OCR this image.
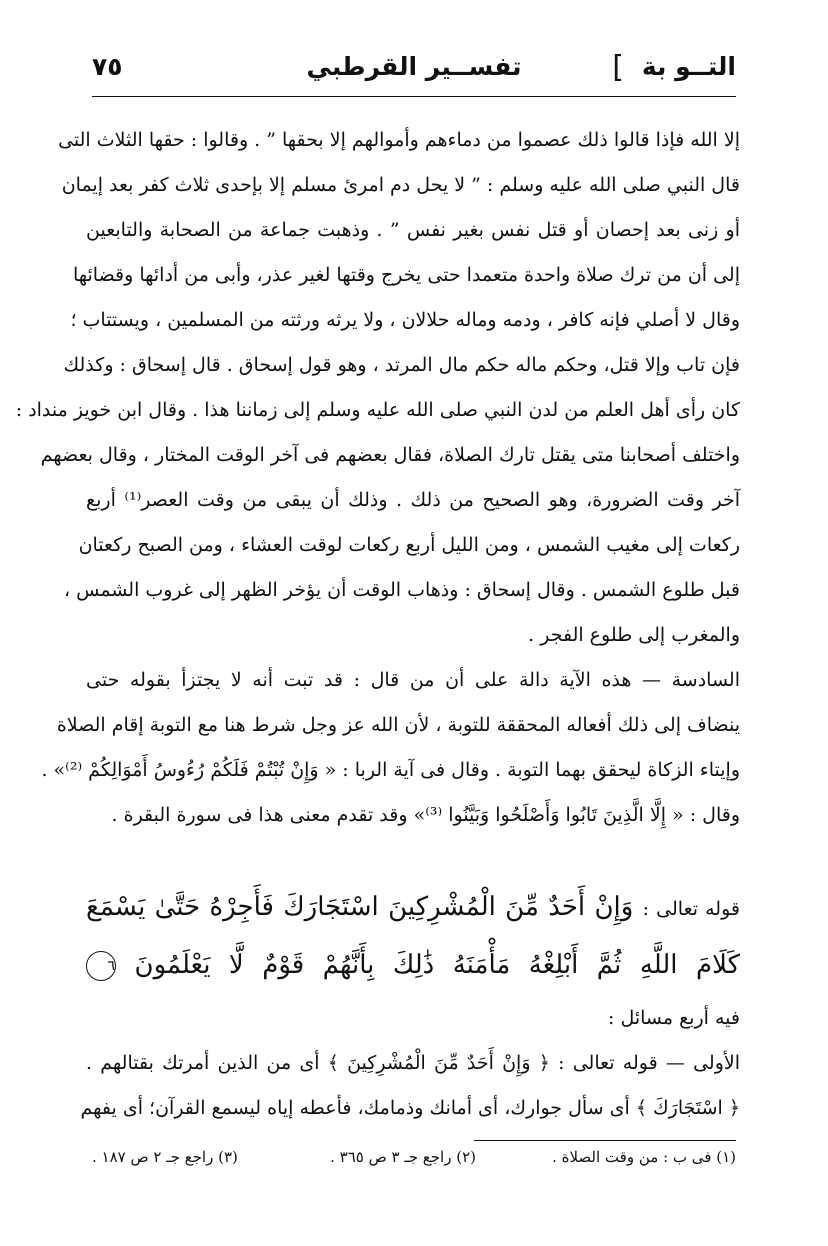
التــو بة
]
تفســير القرطبي
٧٥
إلا الله فإذا قالوا ذلك عصموا من دماءهم وأموالهم إلا بحقها ” . وقالوا : حقها الثلاث التى
قال النبي صلى الله عليه وسلم : ” لا يحل دم امرئ مسلم إلا بإحدى ثلاث كفر بعد إيمان
أو زنى بعد إحصان أو قتل نفس بغير نفس ” . وذهبت جماعة من الصحابة والتابعين
إلى أن من ترك صلاة واحدة متعمدا حتى يخرج وقتها لغير عذر، وأبى من أدائها وقضائها
وقال لا أصلي فإنه كافر ، ودمه وماله حلالان ، ولا يرثه ورثته من المسلمين ، ويستتاب ؛
فإن تاب وإلا قتل، وحكم ماله حكم مال المرتد ، وهو قول إسحاق . قال إسحاق : وكذلك
كان رأى أهل العلم من لدن النبي صلى الله عليه وسلم إلى زماننا هذا . وقال ابن خويز منداد :
واختلف أصحابنا متى يقتل تارك الصلاة، فقال بعضهم فى آخر الوقت المختار ، وقال بعضهم
آخر وقت الضرورة، وهو الصحيح من ذلك . وذلك أن يبقى من وقت العصر⁽¹⁾ أربع
ركعات إلى مغيب الشمس ، ومن الليل أربع ركعات لوقت العشاء ، ومن الصبح ركعتان
قبل طلوع الشمس . وقال إسحاق : وذهاب الوقت أن يؤخر الظهر إلى غروب الشمس ،
والمغرب إلى طلوع الفجر .
السادسة — هذه الآية دالة على أن من قال : قد تبت أنه لا يجتزأ بقوله حتى
ينضاف إلى ذلك أفعاله المحققة للتوبة ، لأن الله عز وجل شرط هنا مع التوبة إقام الصلاة
وإيتاء الزكاة ليحقق بهما التوبة . وقال فى آية الربا : « وَإِنْ تُبْتُمْ فَلَكُمْ رُءُوسُ أَمْوَالِكُمْ ⁽²⁾» .
وقال : « إِلَّا الَّذِينَ تَابُوا وَأَصْلَحُوا وَبَيَّنُوا ⁽³⁾» وقد تقدم معنى هذا فى سورة البقرة .
قوله تعالى : وَإِنْ أَحَدٌ مِّنَ الْمُشْرِكِينَ اسْتَجَارَكَ فَأَجِرْهُ حَتَّىٰ يَسْمَعَ
كَلَامَ اللَّهِ ثُمَّ أَبْلِغْهُ مَأْمَنَهُ ذَٰلِكَ بِأَنَّهُمْ قَوْمٌ لَّا يَعْلَمُونَ ٦
فيه أربع مسائل :
الأولى — قوله تعالى : ﴿ وَإِنْ أَحَدٌ مِّنَ الْمُشْرِكِينَ ﴾ أى من الذين أمرتك بقتالهم .
﴿ اسْتَجَارَكَ ﴾ أى سأل جوارك، أى أمانك وذمامك، فأعطه إياه ليسمع القرآن؛ أى يفهم
(١) فى ب : من وقت الصلاة .
(٢) راجع جـ ٣ ص ٣٦٥ .
(٣) راجع جـ ٢ ص ١٨٧ .
